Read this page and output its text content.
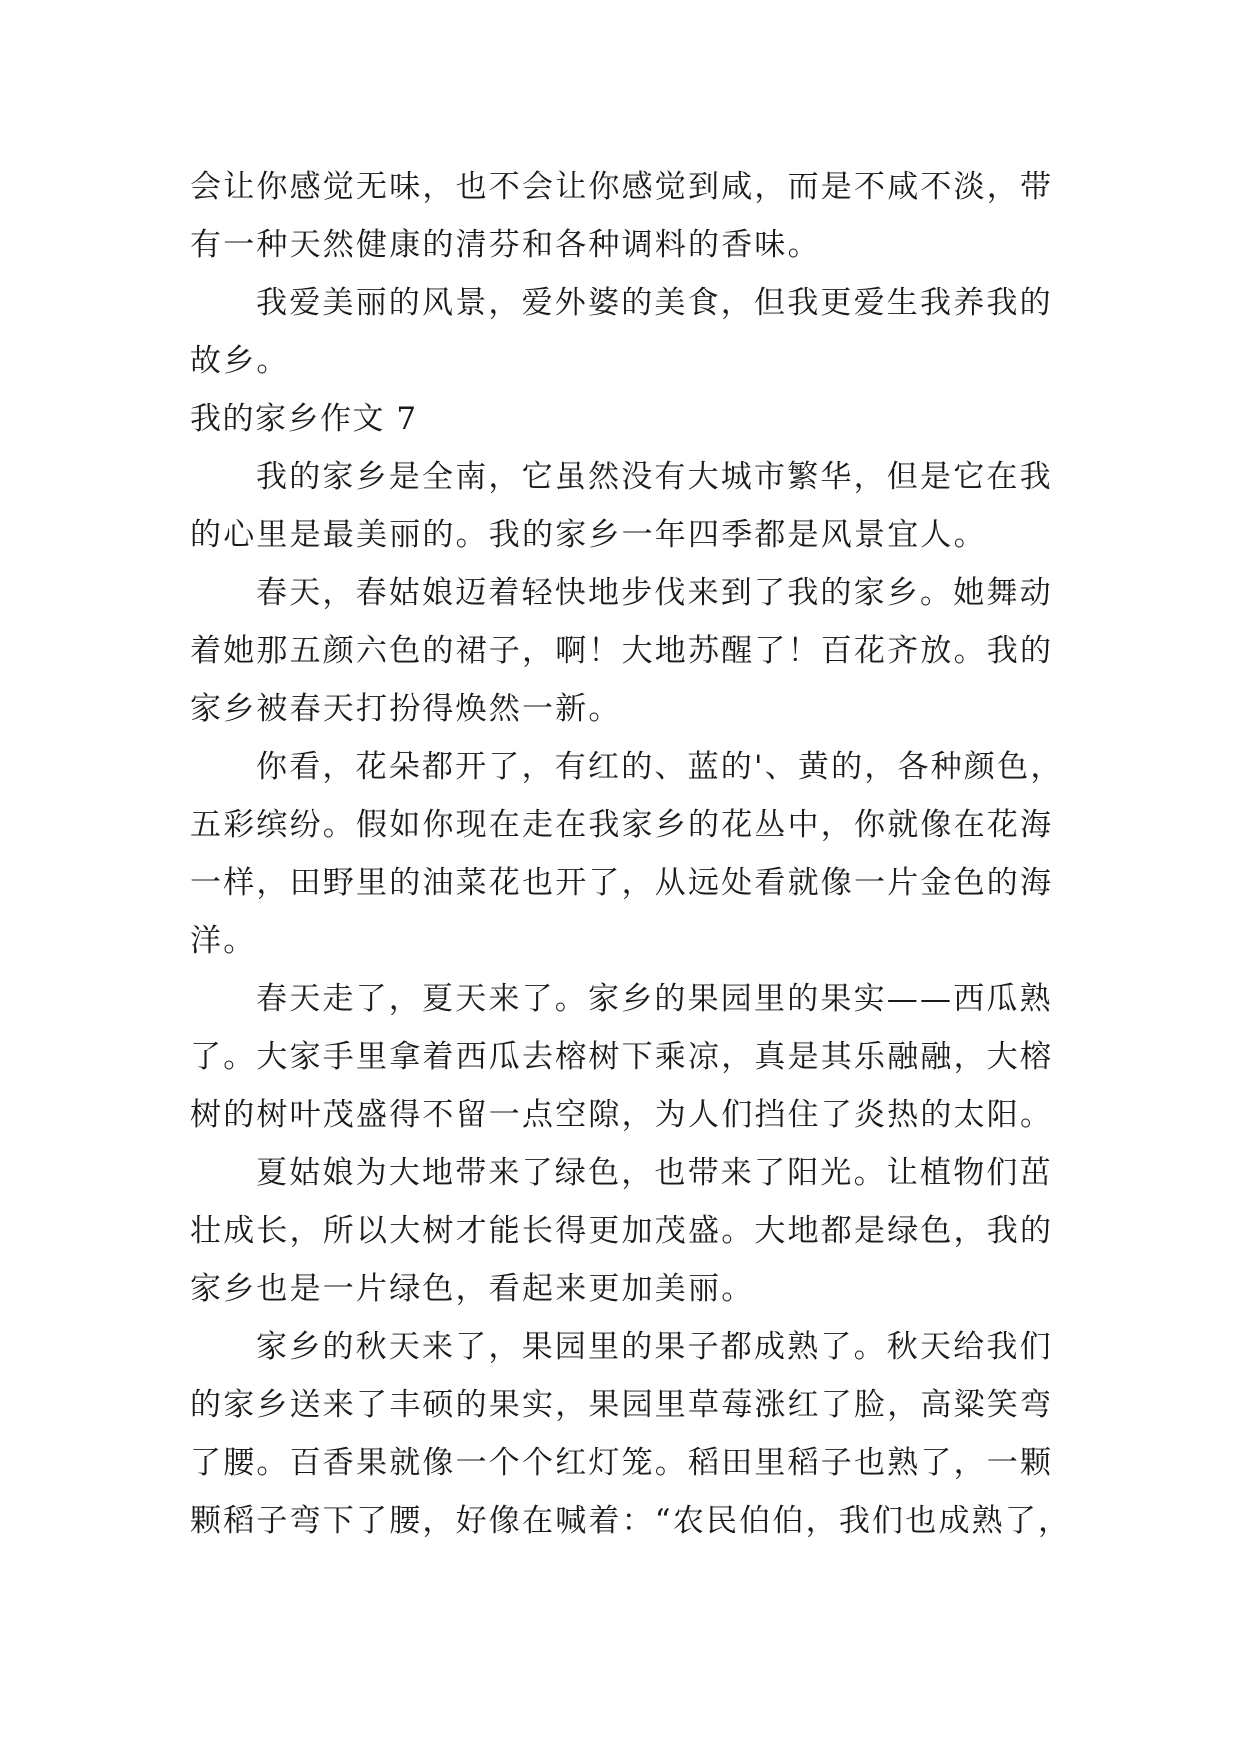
会让你感觉无味，也不会让你感觉到咸，而是不咸不淡，带
有一种天然健康的清芬和各种调料的香味。
我爱美丽的风景，爱外婆的美食，但我更爱生我养我的
故乡。
我的家乡作文 7
我的家乡是全南，它虽然没有大城市繁华，但是它在我
的心里是最美丽的。我的家乡一年四季都是风景宜人。
春天，春姑娘迈着轻快地步伐来到了我的家乡。她舞动
着她那五颜六色的裙子，啊！大地苏醒了！百花齐放。我的
家乡被春天打扮得焕然一新。
你看，花朵都开了，有红的、蓝的'、黄的，各种颜色，
五彩缤纷。假如你现在走在我家乡的花丛中，你就像在花海
一样，田野里的油菜花也开了，从远处看就像一片金色的海
洋。
春天走了，夏天来了。家乡的果园里的果实——西瓜熟
了。大家手里拿着西瓜去榕树下乘凉，真是其乐融融，大榕
树的树叶茂盛得不留一点空隙，为人们挡住了炎热的太阳。
夏姑娘为大地带来了绿色，也带来了阳光。让植物们茁
壮成长，所以大树才能长得更加茂盛。大地都是绿色，我的
家乡也是一片绿色，看起来更加美丽。
家乡的秋天来了，果园里的果子都成熟了。秋天给我们
的家乡送来了丰硕的果实，果园里草莓涨红了脸，高粱笑弯
了腰。百香果就像一个个红灯笼。稻田里稻子也熟了，一颗
颗稻子弯下了腰，好像在喊着：“农民伯伯，我们也成熟了，
